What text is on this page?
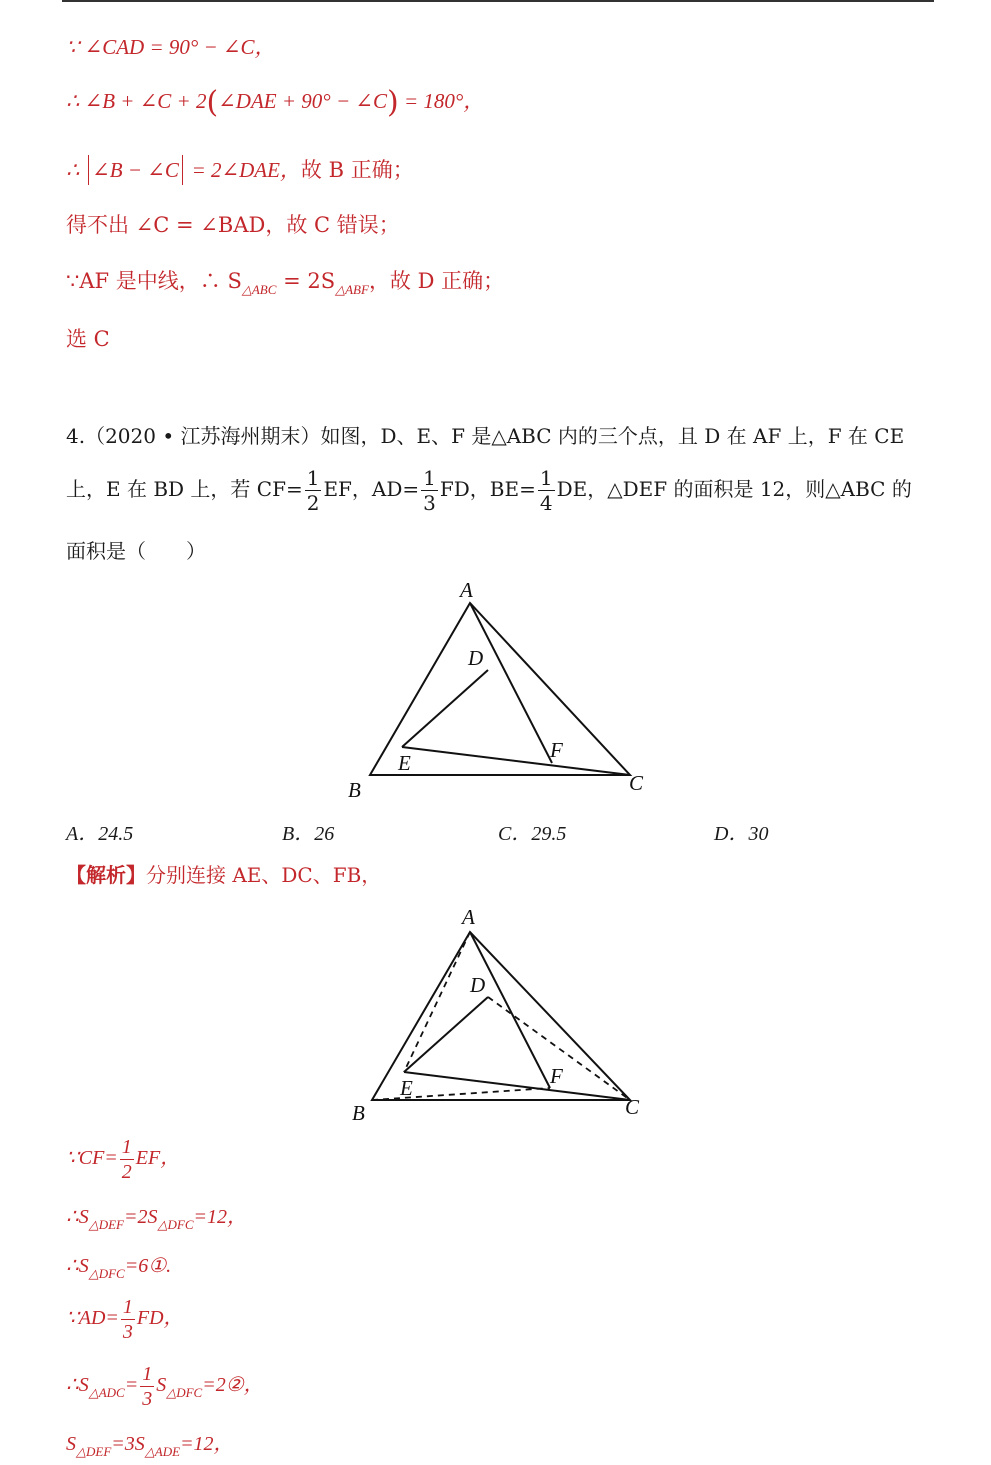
∵ ∠CAD = 90° − ∠C，
∴ ∠B + ∠C + 2(∠DAE + 90° − ∠C) = 180°，
∴ ∠B − ∠C = 2∠DAE，故 B 正确；
得不出 ∠C = ∠BAD，故 C 错误；
∵AF 是中线，∴ $S_{\triangle ABC} = 2S_{\triangle ABF}$，故 D 正确；
选 C
4.（2020 • 江苏海州期末）如图，D、E、F 是△ABC 内的三个点，且 D 在 AF 上，F 在 CE
上，E 在 BD 上，若 $CF= \frac{1}{2}$ EF，$AD= \frac{1}{3}$ FD，$BE= \frac{1}{4}$ DE，△DEF 的面积是 12，则△ABC 的
面积是（　　）
A
B	C
D
E
F
A．24.5	B．26	C．29.5	D．30
【解析】分别连接 AE、DC、FB，
A
B	C
D
E	F
∵CF= $\frac{1}{2}$ EF，
$\therefore S_{\triangle DEF}=2S_{\triangle DFC}=12$，
$\therefore S_{\triangle DFC}=6①$.
∵AD= $\frac{1}{3}$ FD，
$\therefore S_{\triangle ADC}= \frac{1}{3}$ $S_{\triangle DFC}=2②$，
$S_{\triangle DEF}=3S_{\triangle ADE}=12$，
